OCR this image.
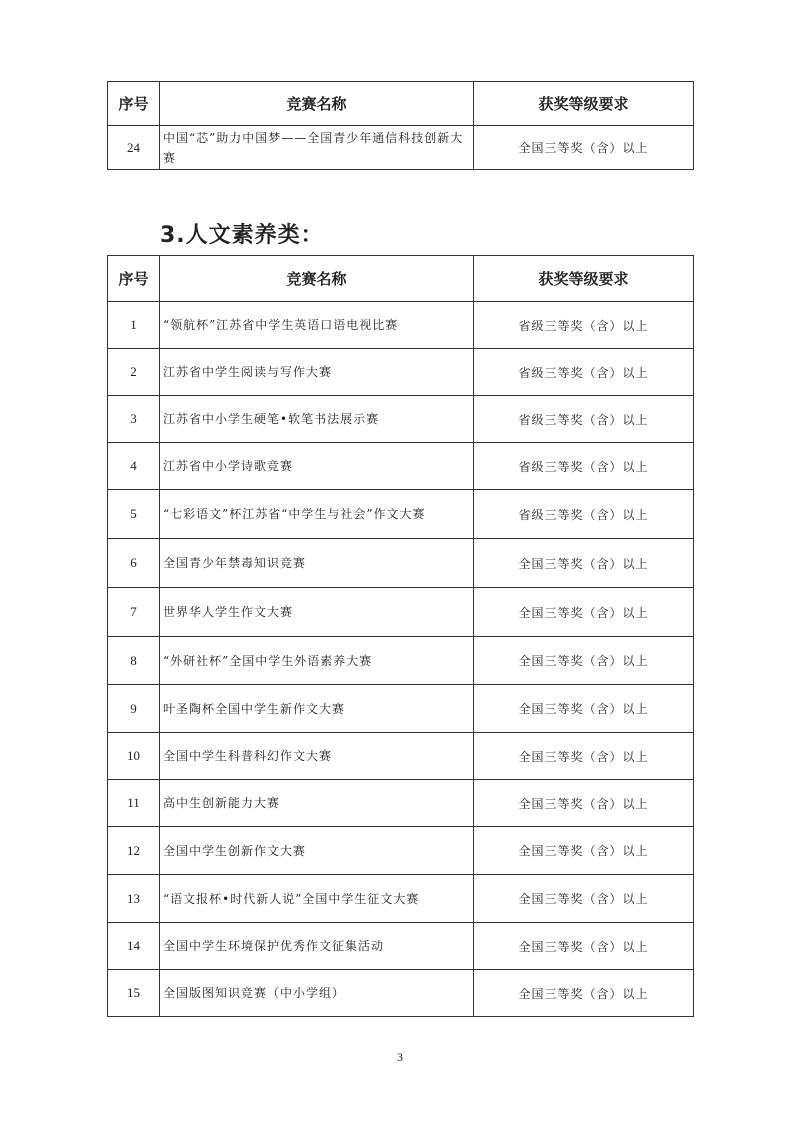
序号	竞赛名称	获奖等级要求
24	中国“芯”助力中国梦——全国青少年通信科技创新大赛	全国三等奖（含）以上
3.人文素养类：
序号	竞赛名称	获奖等级要求
1	“领航杯”江苏省中学生英语口语电视比赛	省级三等奖（含）以上
2	江苏省中学生阅读与写作大赛	省级三等奖（含）以上
3	江苏省中小学生硬笔•软笔书法展示赛	省级三等奖（含）以上
4	江苏省中小学诗歌竞赛	省级三等奖（含）以上
5	“七彩语文”杯江苏省“中学生与社会”作文大赛	省级三等奖（含）以上
6	全国青少年禁毒知识竞赛	全国三等奖（含）以上
7	世界华人学生作文大赛	全国三等奖（含）以上
8	“外研社杯”全国中学生外语素养大赛	全国三等奖（含）以上
9	叶圣陶杯全国中学生新作文大赛	全国三等奖（含）以上
10	全国中学生科普科幻作文大赛	全国三等奖（含）以上
11	高中生创新能力大赛	全国三等奖（含）以上
12	全国中学生创新作文大赛	全国三等奖（含）以上
13	“语文报杯•时代新人说”全国中学生征文大赛	全国三等奖（含）以上
14	全国中学生环境保护优秀作文征集活动	全国三等奖（含）以上
15	全国版图知识竞赛（中小学组）	全国三等奖（含）以上
3
